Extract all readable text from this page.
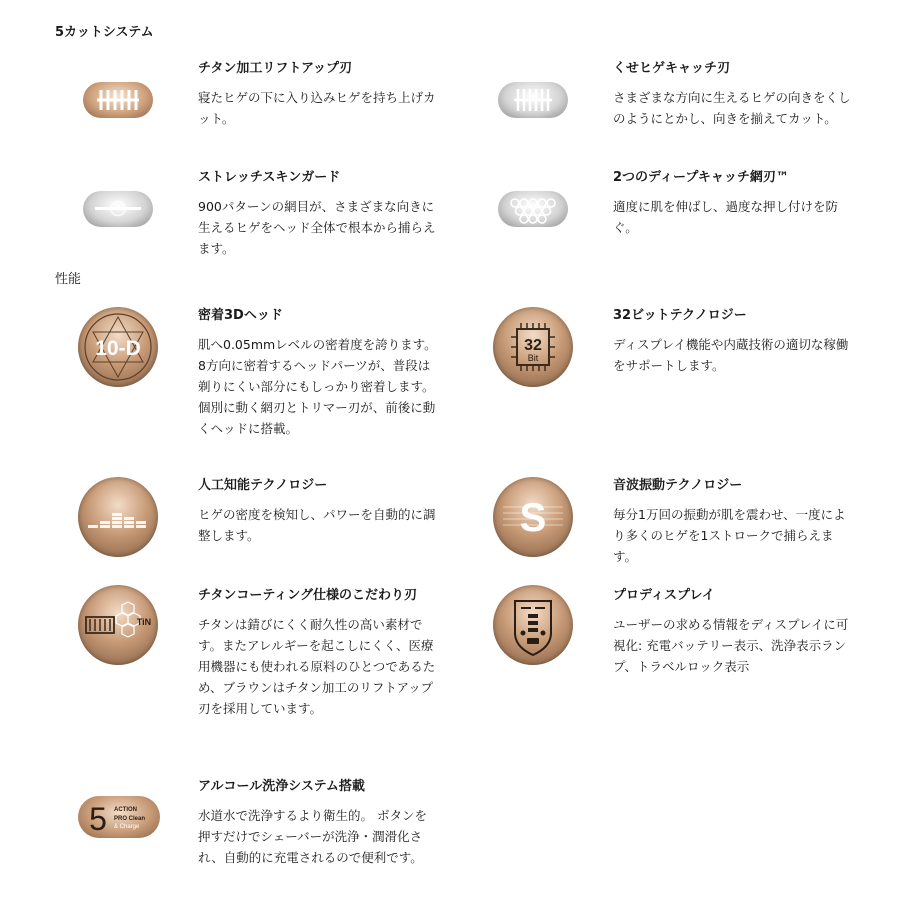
5カットシステム

チタン加工リフトアップ刃

寝たヒゲの下に入り込みヒゲを持ち上げカット。

くせヒゲキャッチ刃

さまざまな方向に生えるヒゲの向きをくしのようにとかし、向きを揃えてカット。

ストレッチスキンガード

900パターンの網目が、さまざまな向きに生えるヒゲをヘッド全体で根本から捕らえます。

2つのディープキャッチ網刃™

適度に肌を伸ばし、過度な押し付けを防ぐ。

性能
10-D

密着3Dヘッド

肌へ0.05mmレベルの密着度を誇ります。8方向に密着するヘッドパーツが、普段は剃りにくい部分にもしっかり密着します。個別に動く網刃とトリマー刃が、前後に動くヘッドに搭載。

32
Bit

32ビットテクノロジー

ディスプレイ機能や内蔵技術の適切な稼働をサポートします。

人工知能テクノロジー

ヒゲの密度を検知し、パワーを自動的に調整します。	S

音波振動テクノロジー

毎分1万回の振動が肌を震わせ、一度により多くのヒゲを1ストロークで捕らえます。

TiN

チタンコーティング仕様のこだわり刃

チタンは錆びにくく耐久性の高い素材です。またアレルギーを起こしにくく、医療用機器にも使われる原料のひとつであるため、ブラウンはチタン加工のリフトアップ刃を採用しています。

プロディスプレイ

ユーザーの求める情報をディスプレイに可視化: 充電バッテリー表示、洗浄表示ランプ、トラベルロック表示

5 ACTION
PRO Clean
& Charge

アルコール洗浄システム搭載

水道水で洗浄するより衛生的。 ボタンを押すだけでシェーバーが洗浄・潤滑化され、自動的に充電されるので便利です。
